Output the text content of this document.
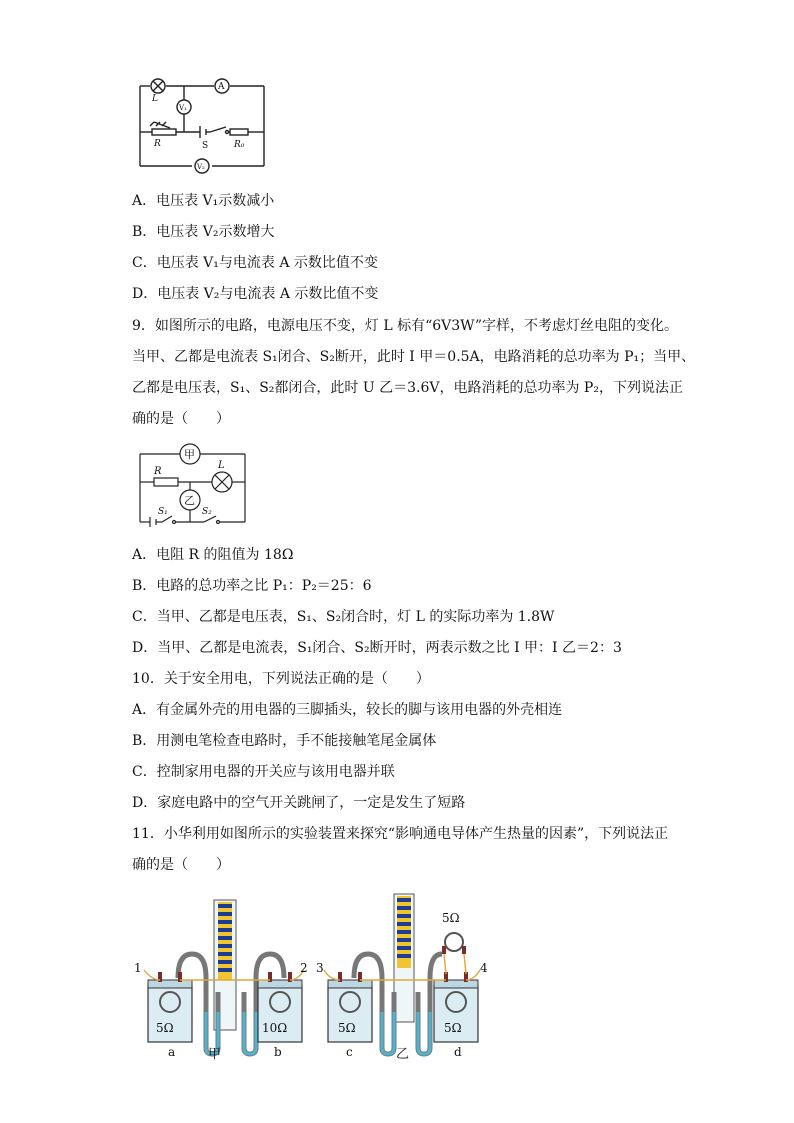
L
A
V₁
R	S	R₀
V₂
A．电压表 V₁示数减小
B．电压表 V₂示数增大
C．电压表 V₁与电流表 A 示数比值不变
D．电压表 V₂与电流表 A 示数比值不变
9．如图所示的电路，电源电压不变，灯 L 标有“6V3W”字样，不考虑灯丝电阻的变化。
当甲、乙都是电流表 S₁闭合、S₂断开，此时 I 甲＝0.5A，电路消耗的总功率为 P₁；当甲、
乙都是电压表，S₁、S₂都闭合，此时 U 乙＝3.6V，电路消耗的总功率为 P₂，下列说法正
确的是（　　）
甲
乙
R
L
S₁	S₂
A．电阻 R 的阻值为 18Ω
B．电路的总功率之比 P₁：P₂＝25：6
C．当甲、乙都是电压表，S₁、S₂闭合时，灯 L 的实际功率为 1.8W
D．当甲、乙都是电流表，S₁闭合、S₂断开时，两表示数之比 I 甲：I 乙＝2：3
10．关于安全用电，下列说法正确的是（　　）
A．有金属外壳的用电器的三脚插头，较长的脚与该用电器的外壳相连
B．用测电笔检查电路时，手不能接触笔尾金属体
C．控制家用电器的开关应与该用电器并联
D．家庭电路中的空气开关跳闸了，一定是发生了短路
11．小华利用如图所示的实验装置来探究“影响通电导体产生热量的因素”，下列说法正
确的是（　　）
1	2 3	4
5Ω	10Ω	5Ω	5Ω
5Ω
a	b	c	d
甲	乙
